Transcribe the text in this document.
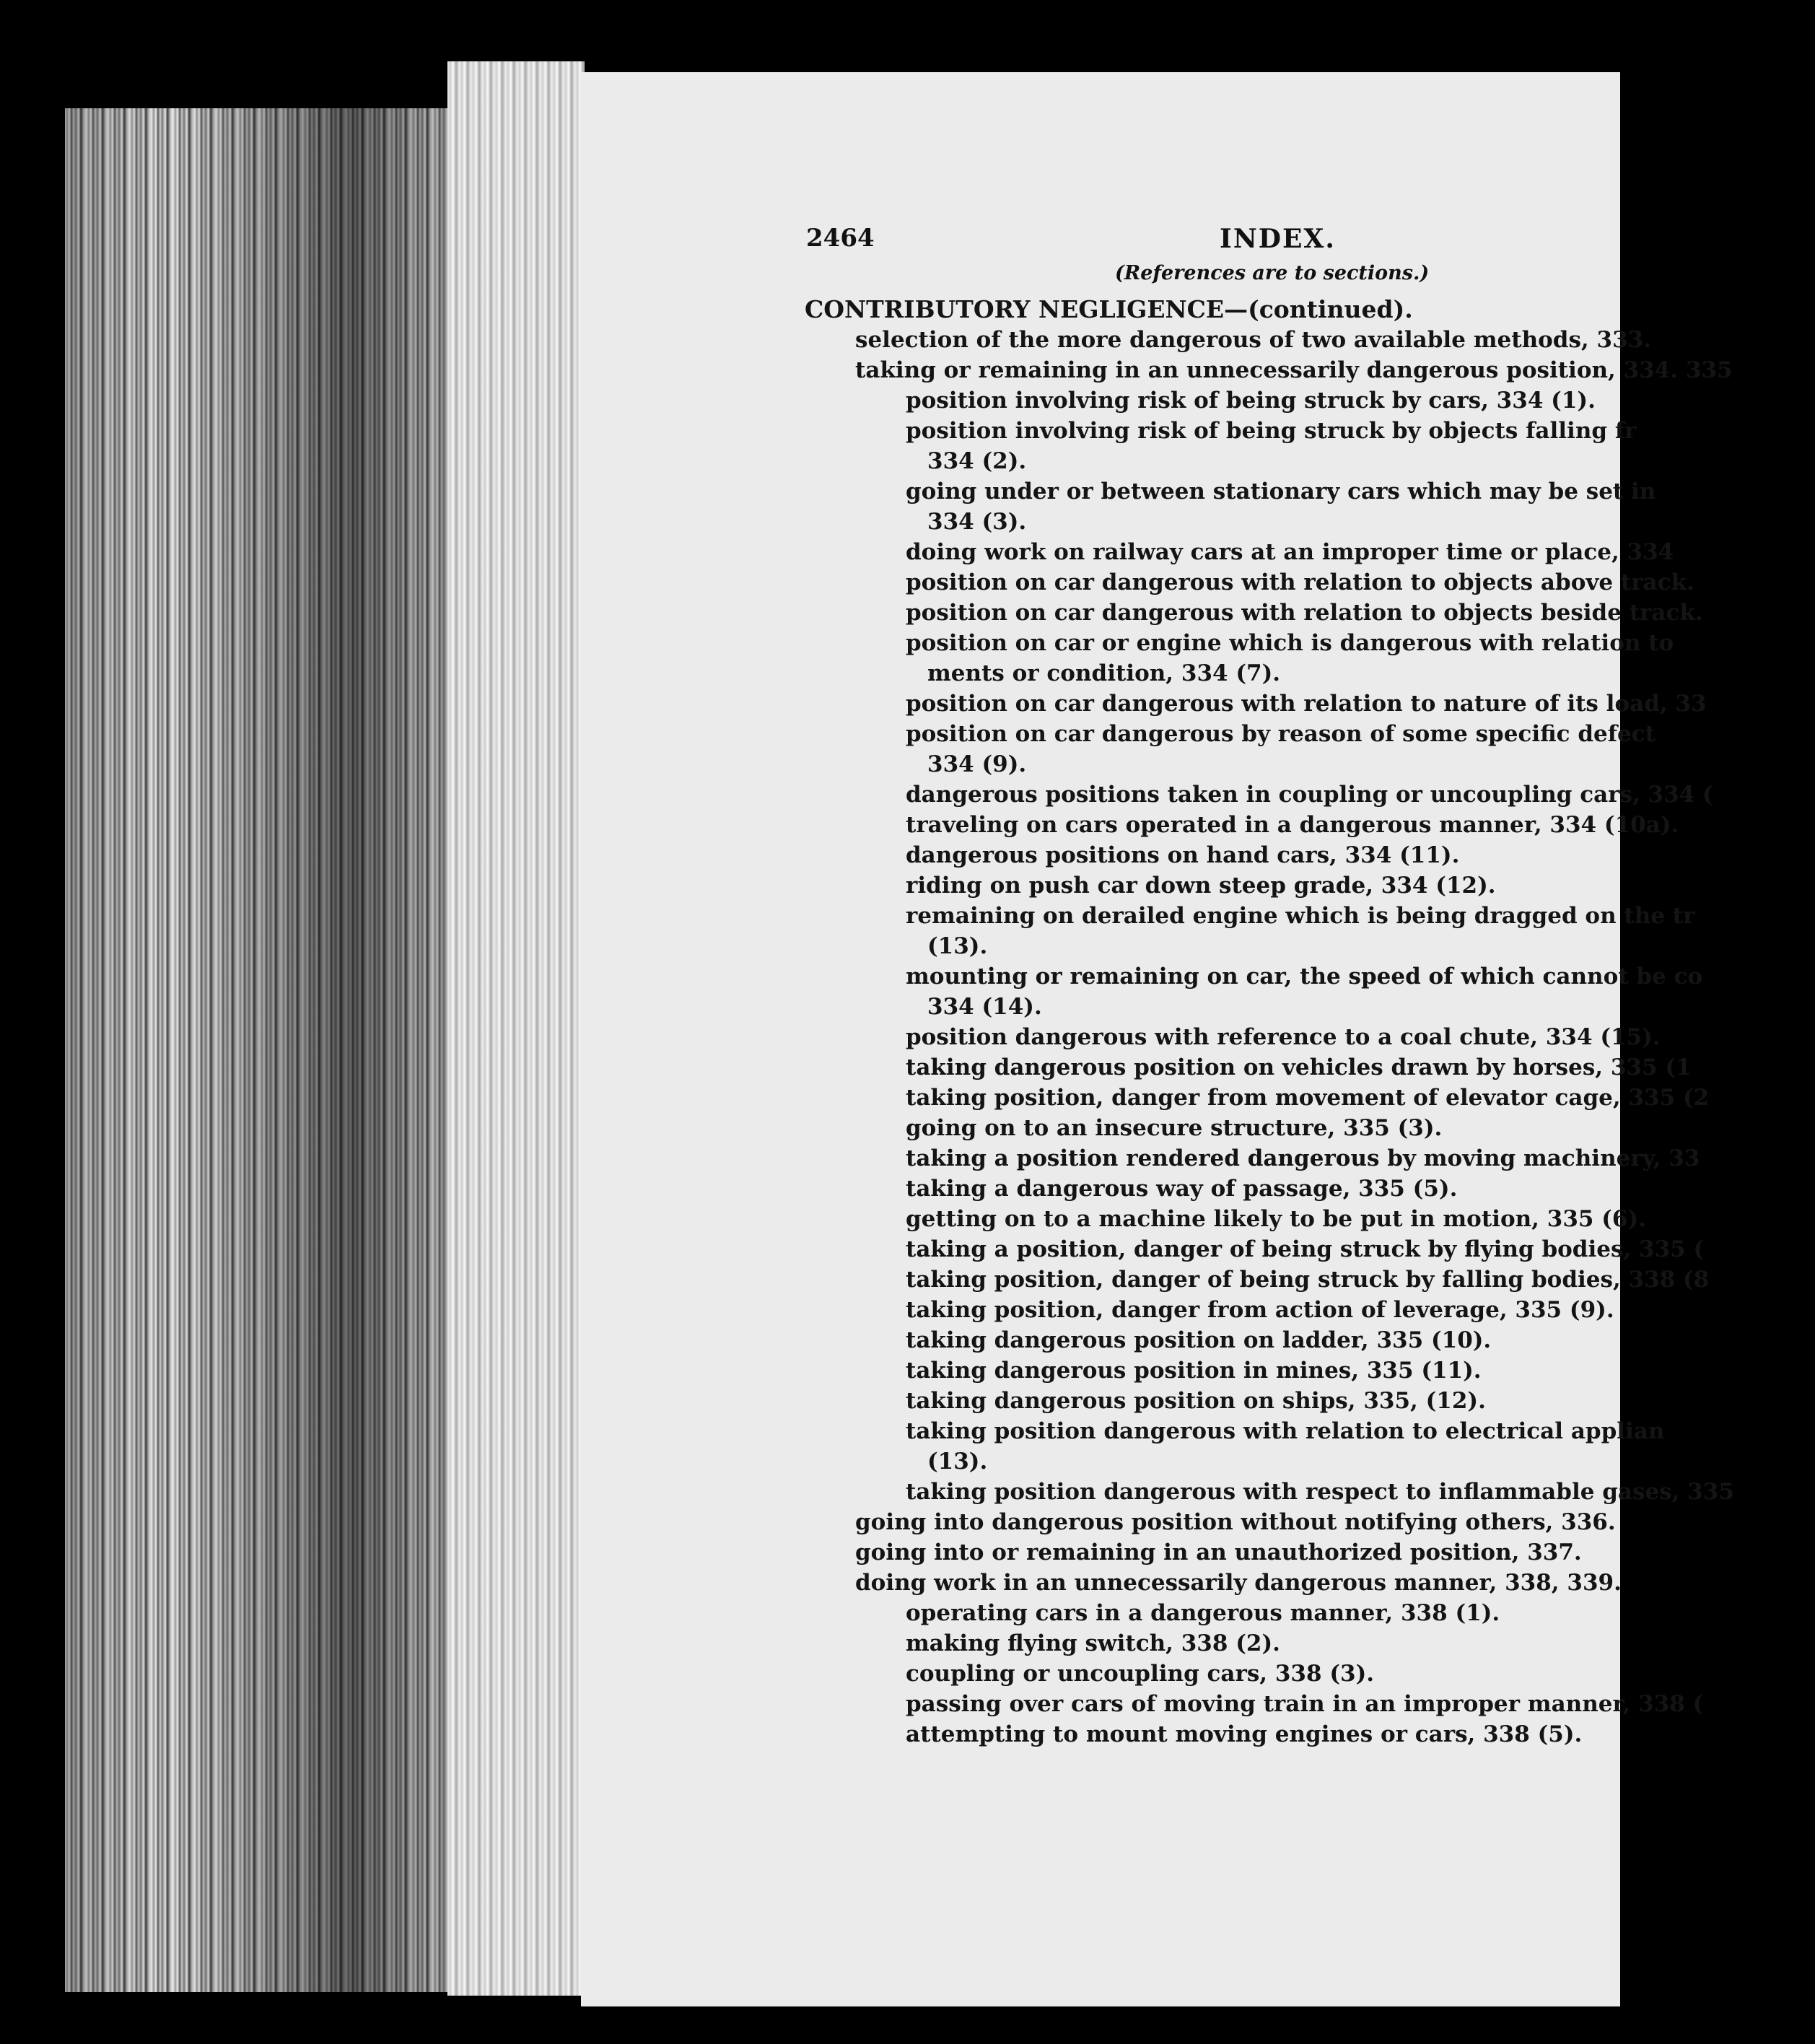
2464	INDEX.
(References are to sections.)
CONTRIBUTORY NEGLIGENCE—(continued).
selection of the more dangerous of two available methods, 333.
taking or remaining in an unnecessarily dangerous position, 334. 335
position involving risk of being struck by cars, 334 (1).
position involving risk of being struck by objects falling fr
334 (2).
going under or between stationary cars which may be set in
334 (3).
doing work on railway cars at an improper time or place, 334
position on car dangerous with relation to objects above track.
position on car dangerous with relation to objects beside track.
position on car or engine which is dangerous with relation to
ments or condition, 334 (7).
position on car dangerous with relation to nature of its load, 33
position on car dangerous by reason of some specific defect
334 (9).
dangerous positions taken in coupling or uncoupling cars, 334 (
traveling on cars operated in a dangerous manner, 334 (10a).
dangerous positions on hand cars, 334 (11).
riding on push car down steep grade, 334 (12).
remaining on derailed engine which is being dragged on the tr
(13).
mounting or remaining on car, the speed of which cannot be co
334 (14).
position dangerous with reference to a coal chute, 334 (15).
taking dangerous position on vehicles drawn by horses, 335 (1
taking position, danger from movement of elevator cage, 335 (2
going on to an insecure structure, 335 (3).
taking a position rendered dangerous by moving machinery, 33
taking a dangerous way of passage, 335 (5).
getting on to a machine likely to be put in motion, 335 (6).
taking a position, danger of being struck by flying bodies, 335 (
taking position, danger of being struck by falling bodies, 338 (8
taking position, danger from action of leverage, 335 (9).
taking dangerous position on ladder, 335 (10).
taking dangerous position in mines, 335 (11).
taking dangerous position on ships, 335, (12).
taking position dangerous with relation to electrical applian
(13).
taking position dangerous with respect to inflammable gases, 335
going into dangerous position without notifying others, 336.
going into or remaining in an unauthorized position, 337.
doing work in an unnecessarily dangerous manner, 338, 339.
operating cars in a dangerous manner, 338 (1).
making flying switch, 338 (2).
coupling or uncoupling cars, 338 (3).
passing over cars of moving train in an improper manner, 338 (
attempting to mount moving engines or cars, 338 (5).
